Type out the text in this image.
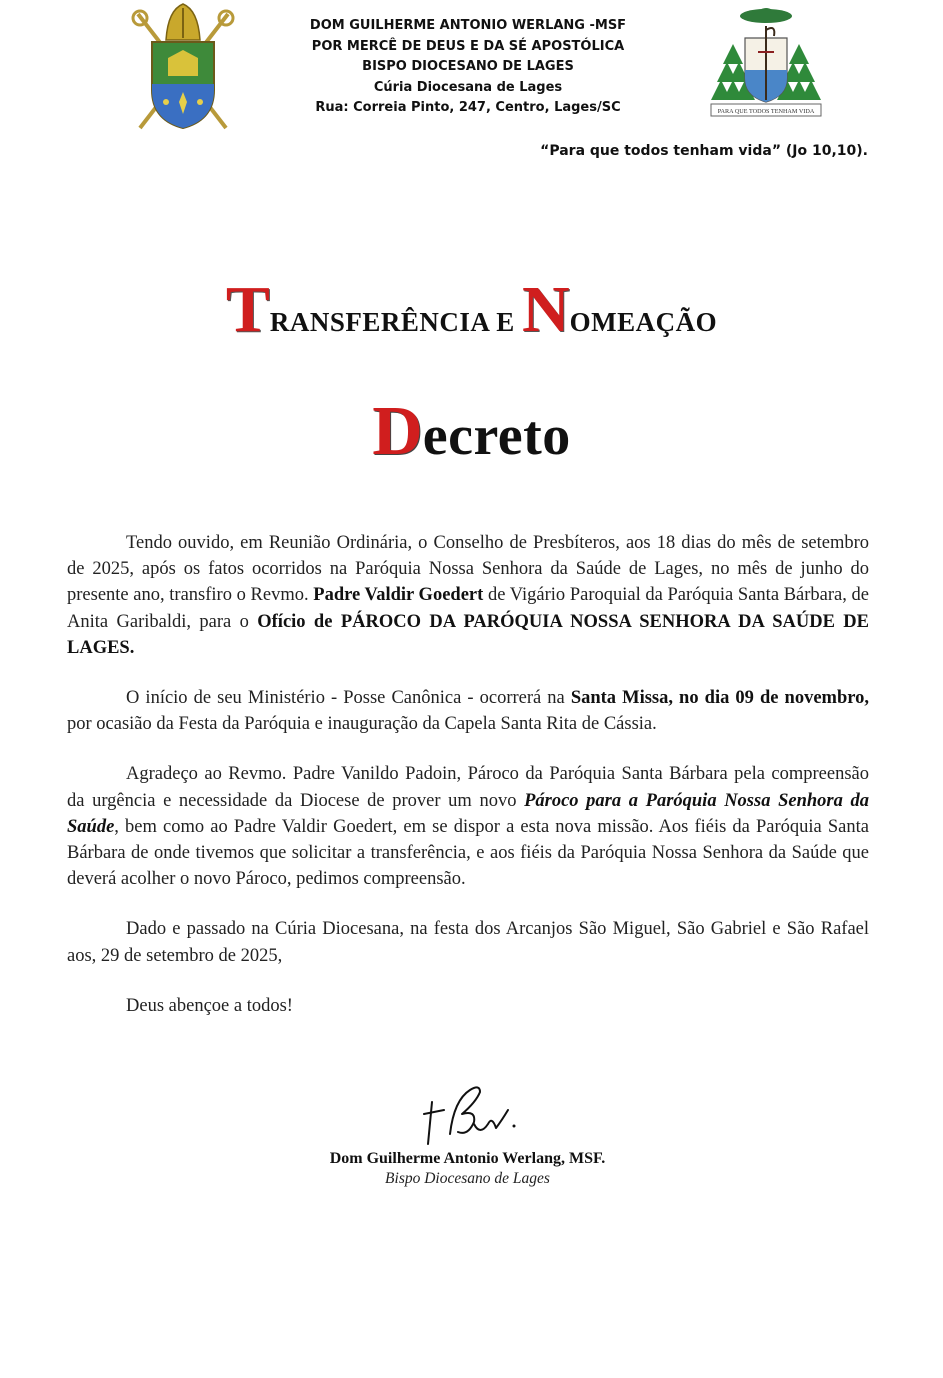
DOM GUILHERME ANTONIO WERLANG -MSF
POR MERCÊ DE DEUS E DA SÉ APOSTÓLICA
BISPO DIOCESANO DE LAGES
Cúria Diocesana de Lages
Rua: Correia Pinto, 247, Centro, Lages/SC	PARA QUE TODOS TENHAM VIDA
“Para que todos tenham vida” (Jo 10,10).
TRANSFERÊNCIA E NOMEAÇÃO
Decreto

Tendo ouvido, em Reunião Ordinária, o Conselho de Presbíteros, aos 18 dias do mês de setembro de 2025, após os fatos ocorridos na Paróquia Nossa Senhora da Saúde de Lages, no mês de junho do presente ano, transfiro o Revmo. Padre Valdir Goedert de Vigário Paroquial da Paróquia Santa Bárbara, de Anita Garibaldi, para o Ofício de PÁROCO DA PARÓQUIA NOSSA SENHORA DA SAÚDE DE LAGES.

O início de seu Ministério - Posse Canônica - ocorrerá na Santa Missa, no dia 09 de novembro, por ocasião da Festa da Paróquia e inauguração da Capela Santa Rita de Cássia.

Agradeço ao Revmo. Padre Vanildo Padoin, Pároco da Paróquia Santa Bárbara pela compreensão da urgência e necessidade da Diocese de prover um novo Pároco para a Paróquia Nossa Senhora da Saúde, bem como ao Padre Valdir Goedert, em se dispor a esta nova missão. Aos fiéis da Paróquia Santa Bárbara de onde tivemos que solicitar a transferência, e aos fiéis da Paróquia Nossa Senhora da Saúde que deverá acolher o novo Pároco, pedimos compreensão.

Dado e passado na Cúria Diocesana, na festa dos Arcanjos São Miguel, São Gabriel e São Rafael aos, 29 de setembro de 2025,

Deus abençoe a todos!

Dom Guilherme Antonio Werlang, MSF.
Bispo Diocesano de Lages
